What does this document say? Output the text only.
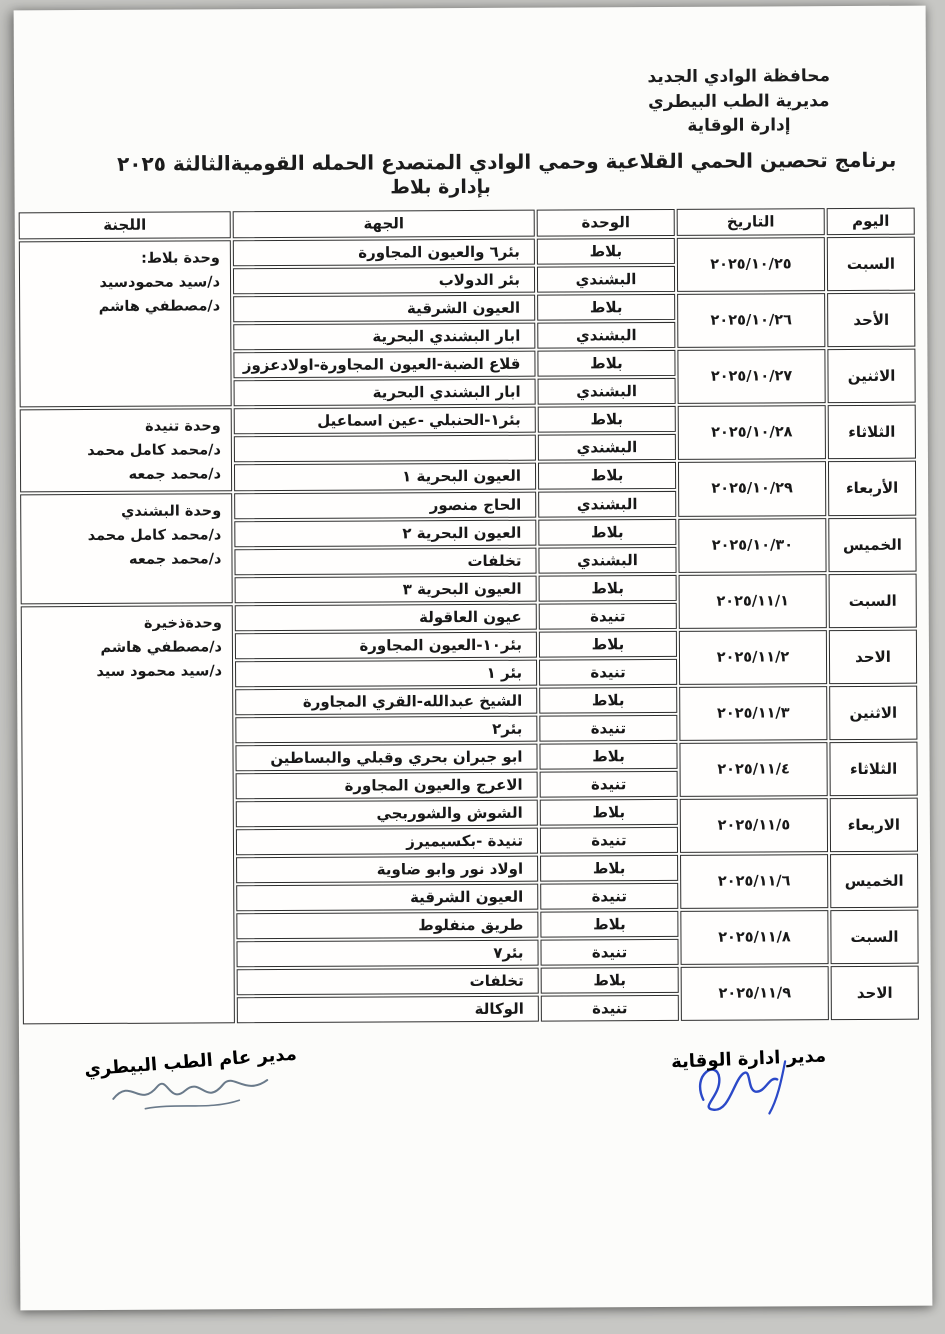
محافظة الوادي الجديد
مديرية الطب البيطري
إدارة الوقاية
برنامج تحصين الحمي القلاعية وحمي الوادي المتصدع الحمله القوميةالثالثة ٢٠٢٥
بإدارة بلاط
اليوم	التاريخ	الوحدة	الجهة	اللجنة
السبت	٢٠٢٥/١٠/٢٥	بلاط	بئر٦ والعيون المجاورة	وحدة بلاط:
د/سيد محمودسيد
د/مصطفي هاشم

		البشندي	بئر الدولاب	
الأحد	٢٠٢٥/١٠/٢٦	بلاط	العيون الشرقية	
		البشندي	ابار البشندي البحرية	
الاثنين	٢٠٢٥/١٠/٢٧	بلاط	قلاع الضبة-العيون المجاورة-اولادعزوز	
		البشندي	ابار البشندي البحرية	
الثلاثاء	٢٠٢٥/١٠/٢٨	بلاط	بئر١-الحنبلي -عين اسماعيل	وحدة تنيدة
د/محمد كامل محمد
د/محمد جمعه

		البشندي		
الأربعاء	٢٠٢٥/١٠/٢٩	بلاط	العيون البحرية ١	
		البشندي	الحاج منصور	وحدة البشندي
د/محمد كامل محمد
د/محمد جمعه

الخميس	٢٠٢٥/١٠/٣٠	بلاط	العيون البحرية ٢	
		البشندي	تخلفات	
السبت	٢٠٢٥/١١/١	بلاط	العيون البحرية ٣	
		تنيدة	عيون العاقولة	وحدةذخيرة
د/مصطفي هاشم
د/سيد محمود سيد

الاحد	٢٠٢٥/١١/٢	بلاط	بئر١٠-العيون المجاورة	
		تنيدة	بئر ١	
الاثنين	٢٠٢٥/١١/٣	بلاط	الشيخ عبدالله-القري المجاورة	
		تنيدة	بئر٢	
الثلاثاء	٢٠٢٥/١١/٤	بلاط	ابو جبران بحري وقبلي والبساطين	
		تنيدة	الاعرج والعيون المجاورة	
الاربعاء	٢٠٢٥/١١/٥	بلاط	الشوش والشوربجي	
		تنيدة	تنيدة -بكسيميرز	
الخميس	٢٠٢٥/١١/٦	بلاط	اولاد نور وابو ضاوية	
		تنيدة	العيون الشرقية	
السبت	٢٠٢٥/١١/٨	بلاط	طريق منفلوط	
		تنيدة	بئر٧	
الاحد	٢٠٢٥/١١/٩	بلاط	تخلفات	
		تنيدة	الوكالة	
مدير ادارة الوقاية
مدير عام الطب البيطري
